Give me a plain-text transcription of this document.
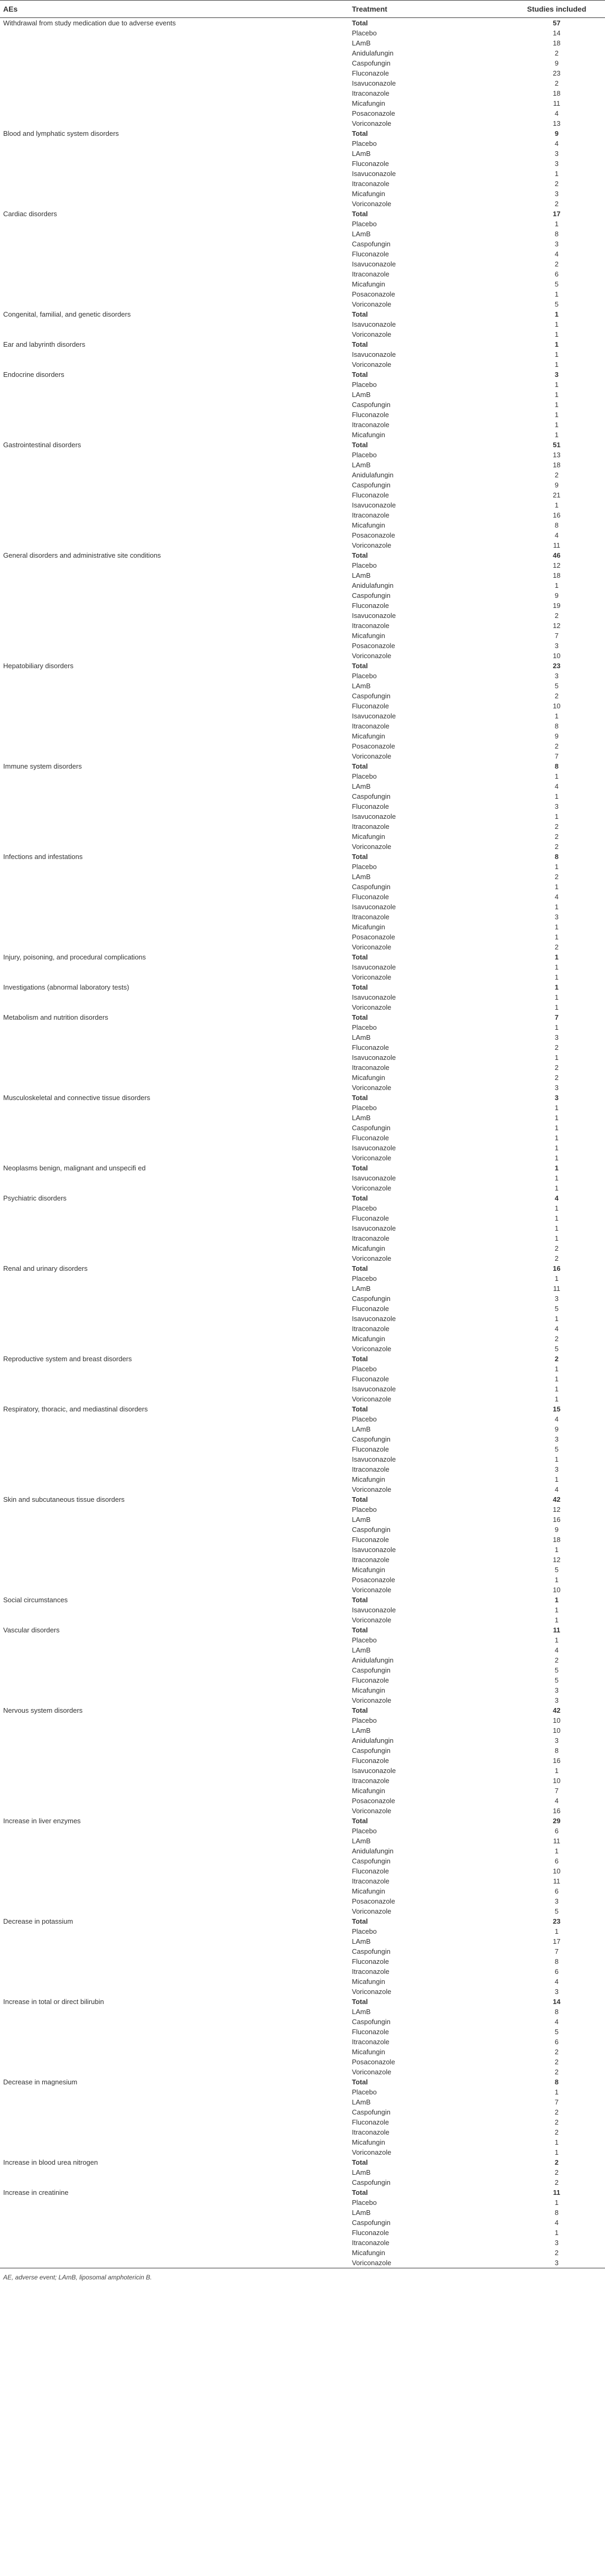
AEs	Treatment	Studies included
Withdrawal from study medication due to adverse events	Total	57
	Placebo	14
	LAmB	18
	Anidulafungin	2
	Caspofungin	9
	Fluconazole	23
	Isavuconazole	2
	Itraconazole	18
	Micafungin	11
	Posaconazole	4
	Voriconazole	13
Blood and lymphatic system disorders	Total	9
	Placebo	4
	LAmB	3
	Fluconazole	3
	Isavuconazole	1
	Itraconazole	2
	Micafungin	3
	Voriconazole	2
Cardiac disorders	Total	17
	Placebo	1
	LAmB	8
	Caspofungin	3
	Fluconazole	4
	Isavuconazole	2
	Itraconazole	6
	Micafungin	5
	Posaconazole	1
	Voriconazole	5
Congenital, familial, and genetic disorders	Total	1
	Isavuconazole	1
	Voriconazole	1
Ear and labyrinth disorders	Total	1
	Isavuconazole	1
	Voriconazole	1
Endocrine disorders	Total	3
	Placebo	1
	LAmB	1
	Caspofungin	1
	Fluconazole	1
	Itraconazole	1
	Micafungin	1
Gastrointestinal disorders	Total	51
	Placebo	13
	LAmB	18
	Anidulafungin	2
	Caspofungin	9
	Fluconazole	21
	Isavuconazole	1
	Itraconazole	16
	Micafungin	8
	Posaconazole	4
	Voriconazole	11
General disorders and administrative site conditions	Total	46
	Placebo	12
	LAmB	18
	Anidulafungin	1
	Caspofungin	9
	Fluconazole	19
	Isavuconazole	2
	Itraconazole	12
	Micafungin	7
	Posaconazole	3
	Voriconazole	10
Hepatobiliary disorders	Total	23
	Placebo	3
	LAmB	5
	Caspofungin	2
	Fluconazole	10
	Isavuconazole	1
	Itraconazole	8
	Micafungin	9
	Posaconazole	2
	Voriconazole	7
Immune system disorders	Total	8
	Placebo	1
	LAmB	4
	Caspofungin	1
	Fluconazole	3
	Isavuconazole	1
	Itraconazole	2
	Micafungin	2
	Voriconazole	2
Infections and infestations	Total	8
	Placebo	1
	LAmB	2
	Caspofungin	1
	Fluconazole	4
	Isavuconazole	1
	Itraconazole	3
	Micafungin	1
	Posaconazole	1
	Voriconazole	2
Injury, poisoning, and procedural complications	Total	1
	Isavuconazole	1
	Voriconazole	1
Investigations (abnormal laboratory tests)	Total	1
	Isavuconazole	1
	Voriconazole	1
Metabolism and nutrition disorders	Total	7
	Placebo	1
	LAmB	3
	Fluconazole	2
	Isavuconazole	1
	Itraconazole	2
	Micafungin	2
	Voriconazole	3
Musculoskeletal and connective tissue disorders	Total	3
	Placebo	1
	LAmB	1
	Caspofungin	1
	Fluconazole	1
	Isavuconazole	1
	Voriconazole	1
Neoplasms benign, malignant and unspecifi ed	Total	1
	Isavuconazole	1
	Voriconazole	1
Psychiatric disorders	Total	4
	Placebo	1
	Fluconazole	1
	Isavuconazole	1
	Itraconazole	1
	Micafungin	2
	Voriconazole	2
Renal and urinary disorders	Total	16
	Placebo	1
	LAmB	11
	Caspofungin	3
	Fluconazole	5
	Isavuconazole	1
	Itraconazole	4
	Micafungin	2
	Voriconazole	5
Reproductive system and breast disorders	Total	2
	Placebo	1
	Fluconazole	1
	Isavuconazole	1
	Voriconazole	1
Respiratory, thoracic, and mediastinal disorders	Total	15
	Placebo	4
	LAmB	9
	Caspofungin	3
	Fluconazole	5
	Isavuconazole	1
	Itraconazole	3
	Micafungin	1
	Voriconazole	4
Skin and subcutaneous tissue disorders	Total	42
	Placebo	12
	LAmB	16
	Caspofungin	9
	Fluconazole	18
	Isavuconazole	1
	Itraconazole	12
	Micafungin	5
	Posaconazole	1
	Voriconazole	10
Social circumstances	Total	1
	Isavuconazole	1
	Voriconazole	1
Vascular disorders	Total	11
	Placebo	1
	LAmB	4
	Anidulafungin	2
	Caspofungin	5
	Fluconazole	5
	Micafungin	3
	Voriconazole	3
Nervous system disorders	Total	42
	Placebo	10
	LAmB	10
	Anidulafungin	3
	Caspofungin	8
	Fluconazole	16
	Isavuconazole	1
	Itraconazole	10
	Micafungin	7
	Posaconazole	4
	Voriconazole	16
Increase in liver enzymes	Total	29
	Placebo	6
	LAmB	11
	Anidulafungin	1
	Caspofungin	6
	Fluconazole	10
	Itraconazole	11
	Micafungin	6
	Posaconazole	3
	Voriconazole	5
Decrease in potassium	Total	23
	Placebo	1
	LAmB	17
	Caspofungin	7
	Fluconazole	8
	Itraconazole	6
	Micafungin	4
	Voriconazole	3
Increase in total or direct bilirubin	Total	14
	LAmB	8
	Caspofungin	4
	Fluconazole	5
	Itraconazole	6
	Micafungin	2
	Posaconazole	2
	Voriconazole	2
Decrease in magnesium	Total	8
	Placebo	1
	LAmB	7
	Caspofungin	2
	Fluconazole	2
	Itraconazole	2
	Micafungin	1
	Voriconazole	1
Increase in blood urea nitrogen	Total	2
	LAmB	2
	Caspofungin	2
Increase in creatinine	Total	11
	Placebo	1
	LAmB	8
	Caspofungin	4
	Fluconazole	1
	Itraconazole	3
	Micafungin	2
	Voriconazole	3
AE, adverse event; LAmB, liposomal amphotericin B.
